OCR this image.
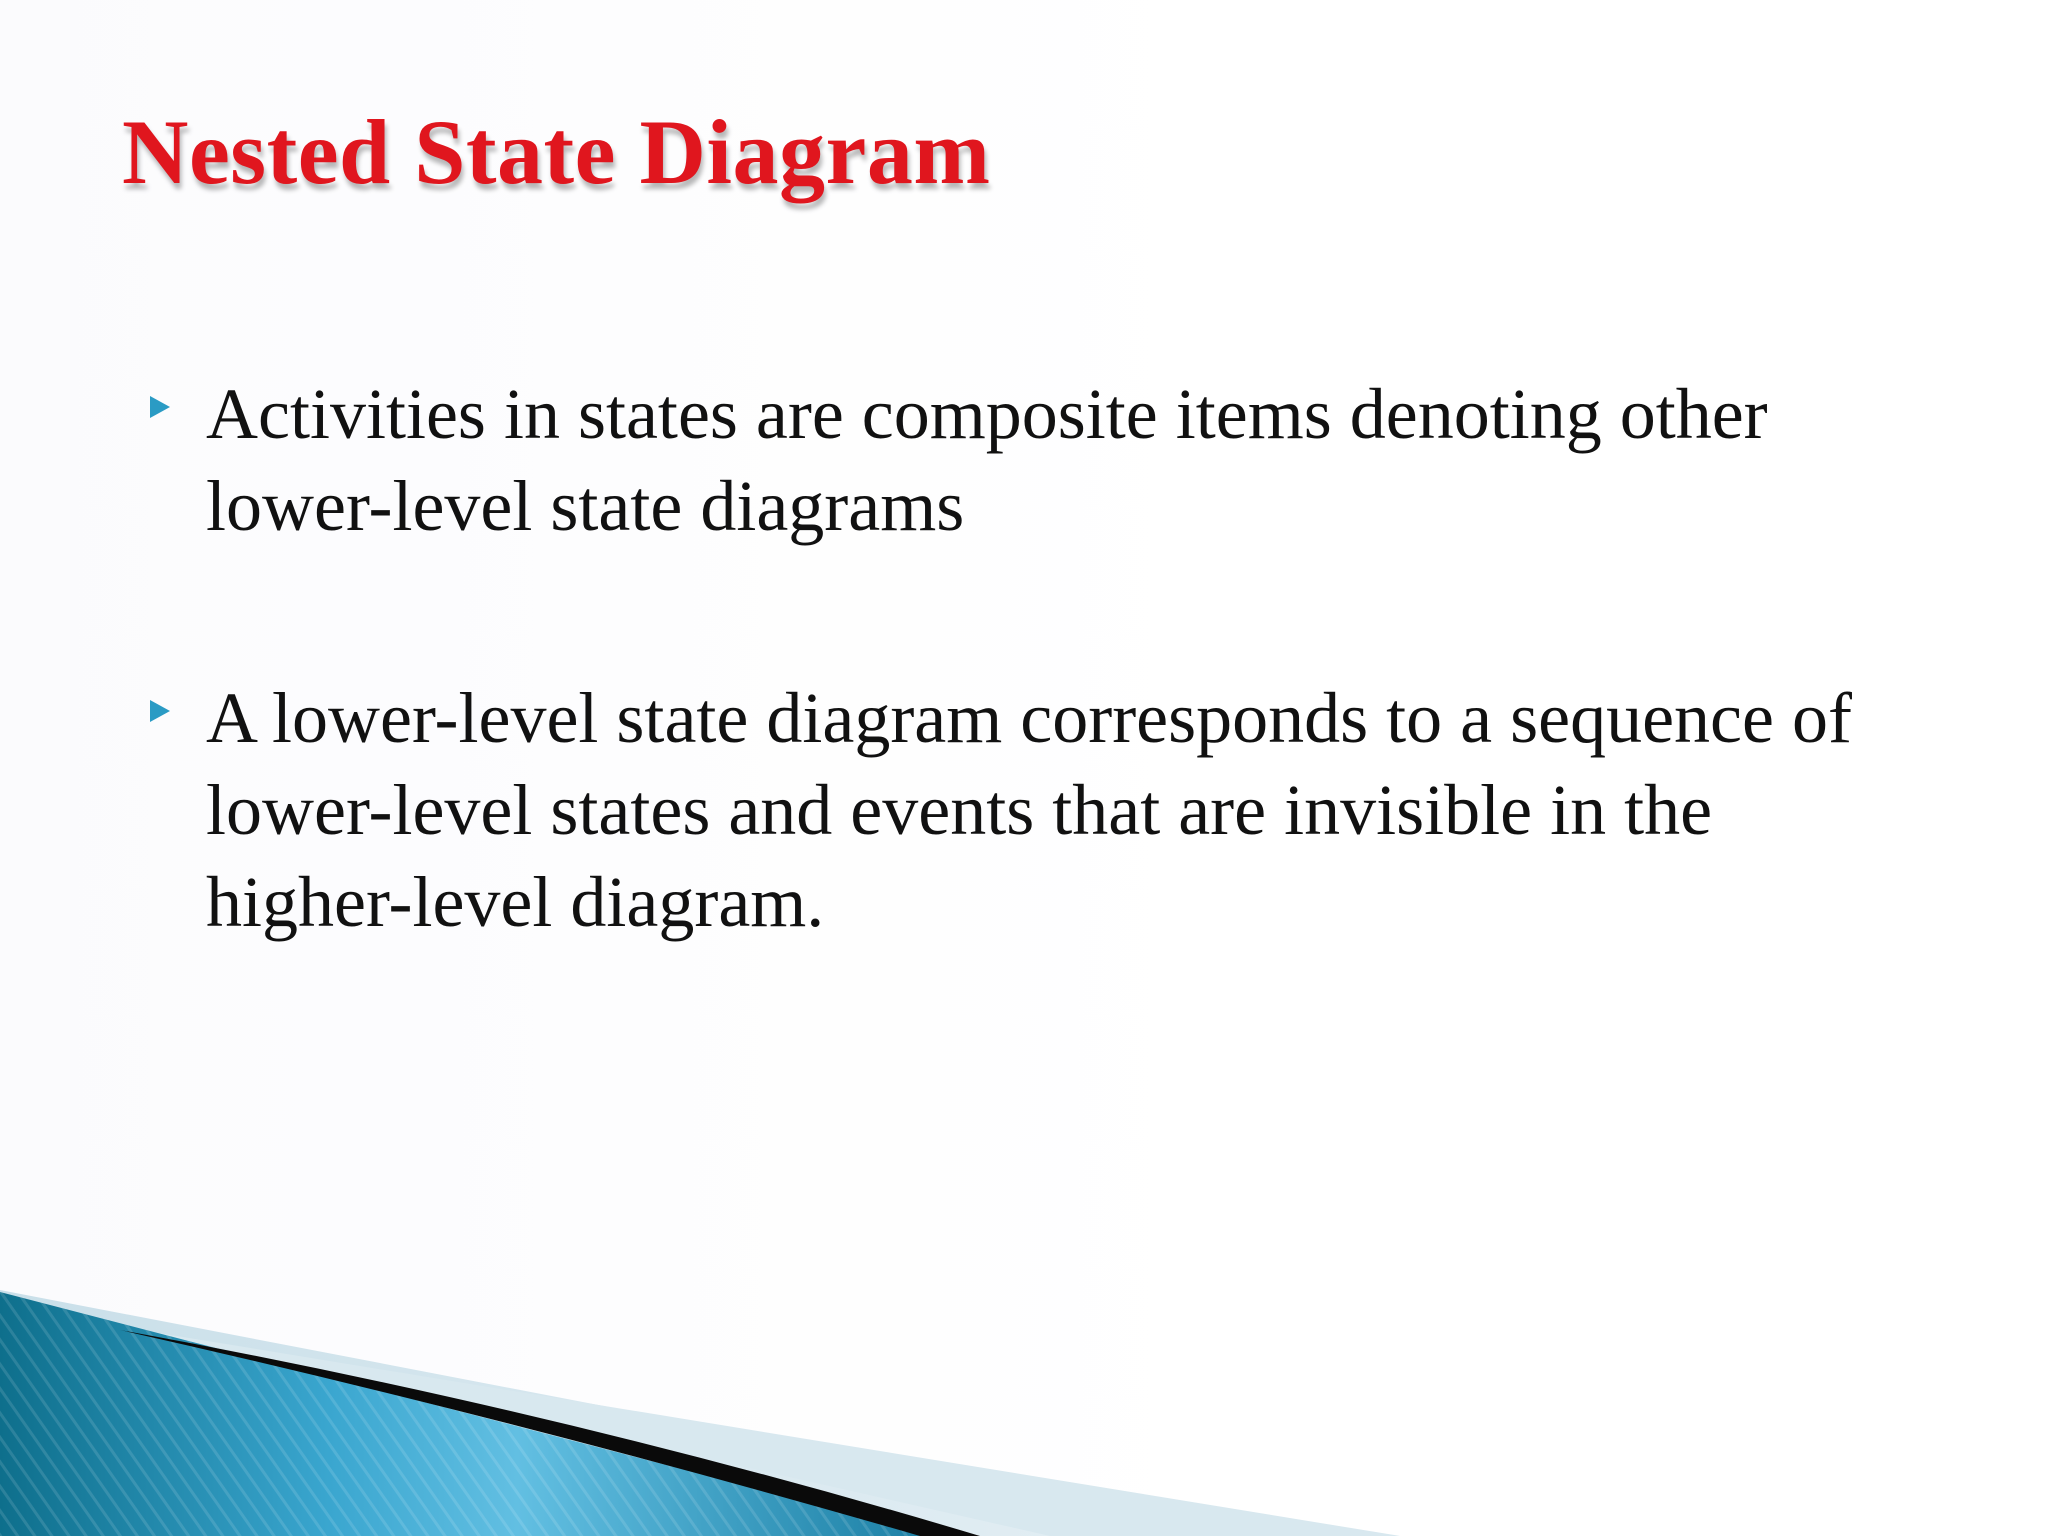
Nested State Diagram
Activities in states are composite items denoting other lower-level state diagrams
A lower-level state diagram corresponds to a sequence of lower-level states and events that are invisible in the higher-level diagram.
